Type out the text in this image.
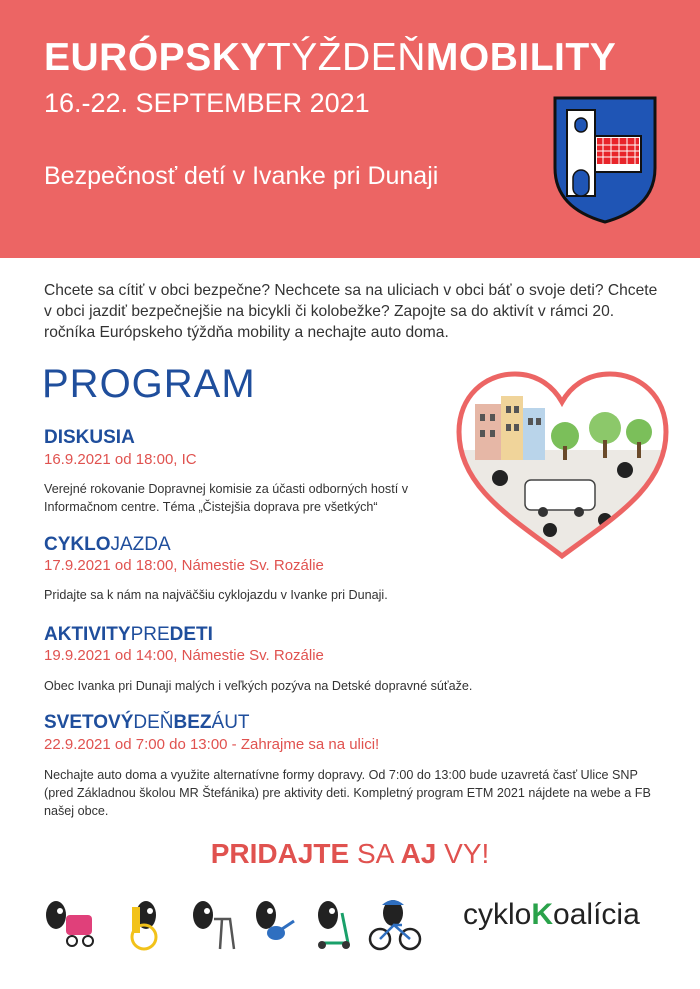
EURÓPSKYTÝŽDEŇMOBILITY
16.-22. SEPTEMBER 2021
Bezpečnosť detí v Ivanke pri Dunaji
Chcete sa cítiť v obci bezpečne? Nechcete sa na uliciach v obci báť o svoje deti? Chcete v obci jazdiť bezpečnejšie na bicykli či kolobežke? Zapojte sa do aktivít v rámci 20. ročníka Európskeho týždňa mobility a nechajte auto doma.
PROGRAM
DISKUSIA
16.9.2021 od 18:00, IC
Verejné rokovanie Dopravnej komisie za účasti odborných hostí v Informačnom centre. Téma „Čistejšia doprava pre všetkých“
CYKLOJAZDA
17.9.2021 od 18:00, Námestie Sv. Rozálie
Pridajte sa k nám na najväčšiu cyklojazdu v Ivanke pri Dunaji.
AKTIVITYPREDETI
19.9.2021 od 14:00, Námestie Sv. Rozálie
Obec Ivanka pri Dunaji malých i veľkých pozýva na Detské dopravné súťaže.
SVETOVÝDEŇBEZÁUT
22.9.2021 od 7:00 do 13:00 - Zahrajme sa na ulici!
Nechajte auto doma a využite alternatívne formy dopravy. Od 7:00 do 13:00 bude uzavretá časť Ulice SNP (pred Základnou školou MR Štefánika) pre aktivity deti. Kompletný program ETM 2021 nájdete na webe a FB našej obce.
PRIDAJTE SA AJ VY!
cykloKoalícia
